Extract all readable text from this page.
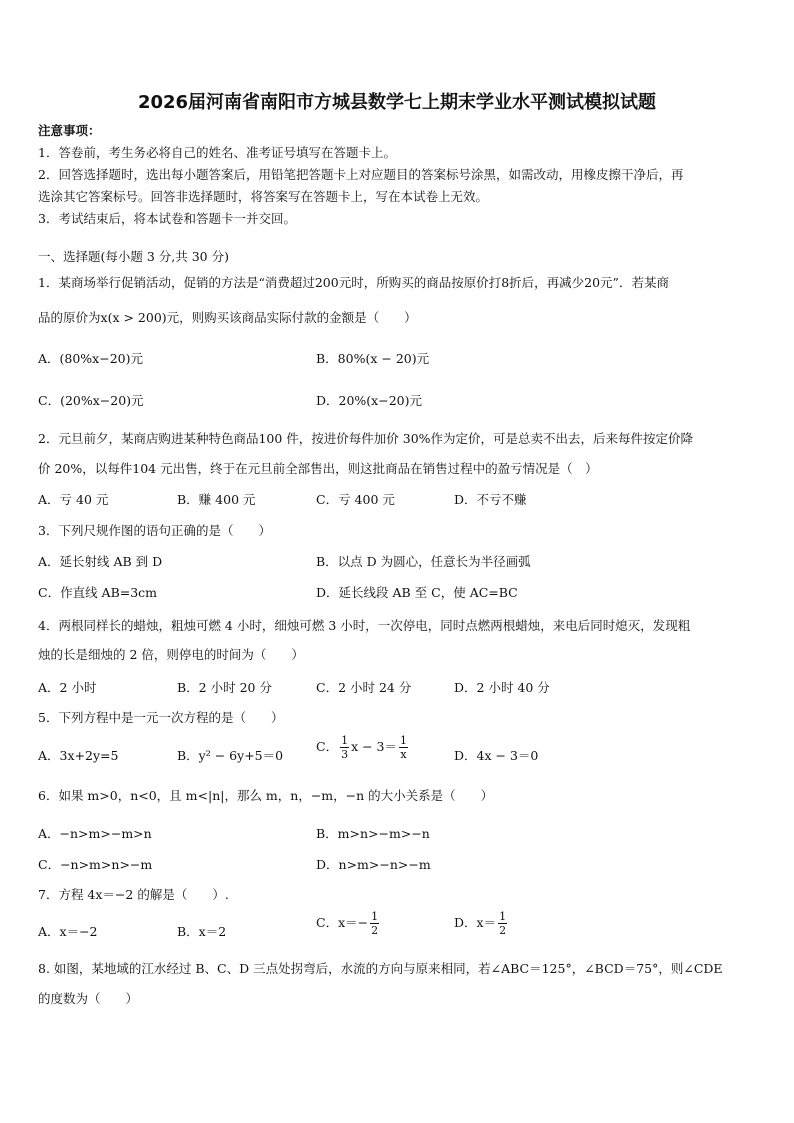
2026届河南省南阳市方城县数学七上期末学业水平测试模拟试题
注意事项：
1．答卷前，考生务必将自己的姓名、准考证号填写在答题卡上。
2．回答选择题时，选出每小题答案后，用铅笔把答题卡上对应题目的答案标号涂黑，如需改动，用橡皮擦干净后，再
选涂其它答案标号。回答非选择题时，将答案写在答题卡上，写在本试卷上无效。
3．考试结束后，将本试卷和答题卡一并交回。
一、选择题(每小题 3 分,共 30 分)
1．某商场举行促销活动，促销的方法是“消费超过200元时，所购买的商品按原价打8折后，再减少20元”．若某商
品的原价为x(x > 200)元，则购买该商品实际付款的金额是（　　）
A．(80%x−20)元	B．80%(x − 20)元
C．(20%x−20)元	D．20%(x−20)元
2．元旦前夕，某商店购进某种特色商品100 件，按进价每件加价 30%作为定价，可是总卖不出去，后来每件按定价降
价 20%，以每件104 元出售，终于在元旦前全部售出，则这批商品在销售过程中的盈亏情况是（　）
A．亏 40 元	B．赚 400 元	C．亏 400 元	D．不亏不赚
3．下列尺规作图的语句正确的是（　　）
A．延长射线 AB 到 D	B．以点 D 为圆心，任意长为半径画弧
C．作直线 AB=3cm	D．延长线段 AB 至 C，使 AC=BC
4．两根同样长的蜡烛，粗烛可燃 4 小时，细烛可燃 3 小时，一次停电，同时点燃两根蜡烛，来电后同时熄灭，发现粗
烛的长是细烛的 2 倍，则停电的时间为（　　）
A．2 小时	B．2 小时 20 分	C．2 小时 24 分	D．2 小时 40 分
5．下列方程中是一元一次方程的是（　　）
A．3x+2y=5	B．y² − 6y+5＝0
C． $\frac{1}{3}$ $x - 3= \frac{1}{x}$	D．4x − 3＝0
6．如果 m>0，n<0，且 m<|n|，那么 m，n，−m，−n 的大小关系是（　　）
A．−n>m>−m>n	B．m>n>−m>−n
C．−n>m>n>−m	D．n>m>−n>−m
7．方程 4x＝−2 的解是（　　）.
A．x＝−2	B．x＝2
C．$x=- \frac{1}{2}$	D．$x= \frac{1}{2}$
8. 如图，某地域的江水经过 B、C、D 三点处拐弯后，水流的方向与原来相同，若∠ABC＝125°，∠BCD＝75°，则∠CDE
的度数为（　　）
